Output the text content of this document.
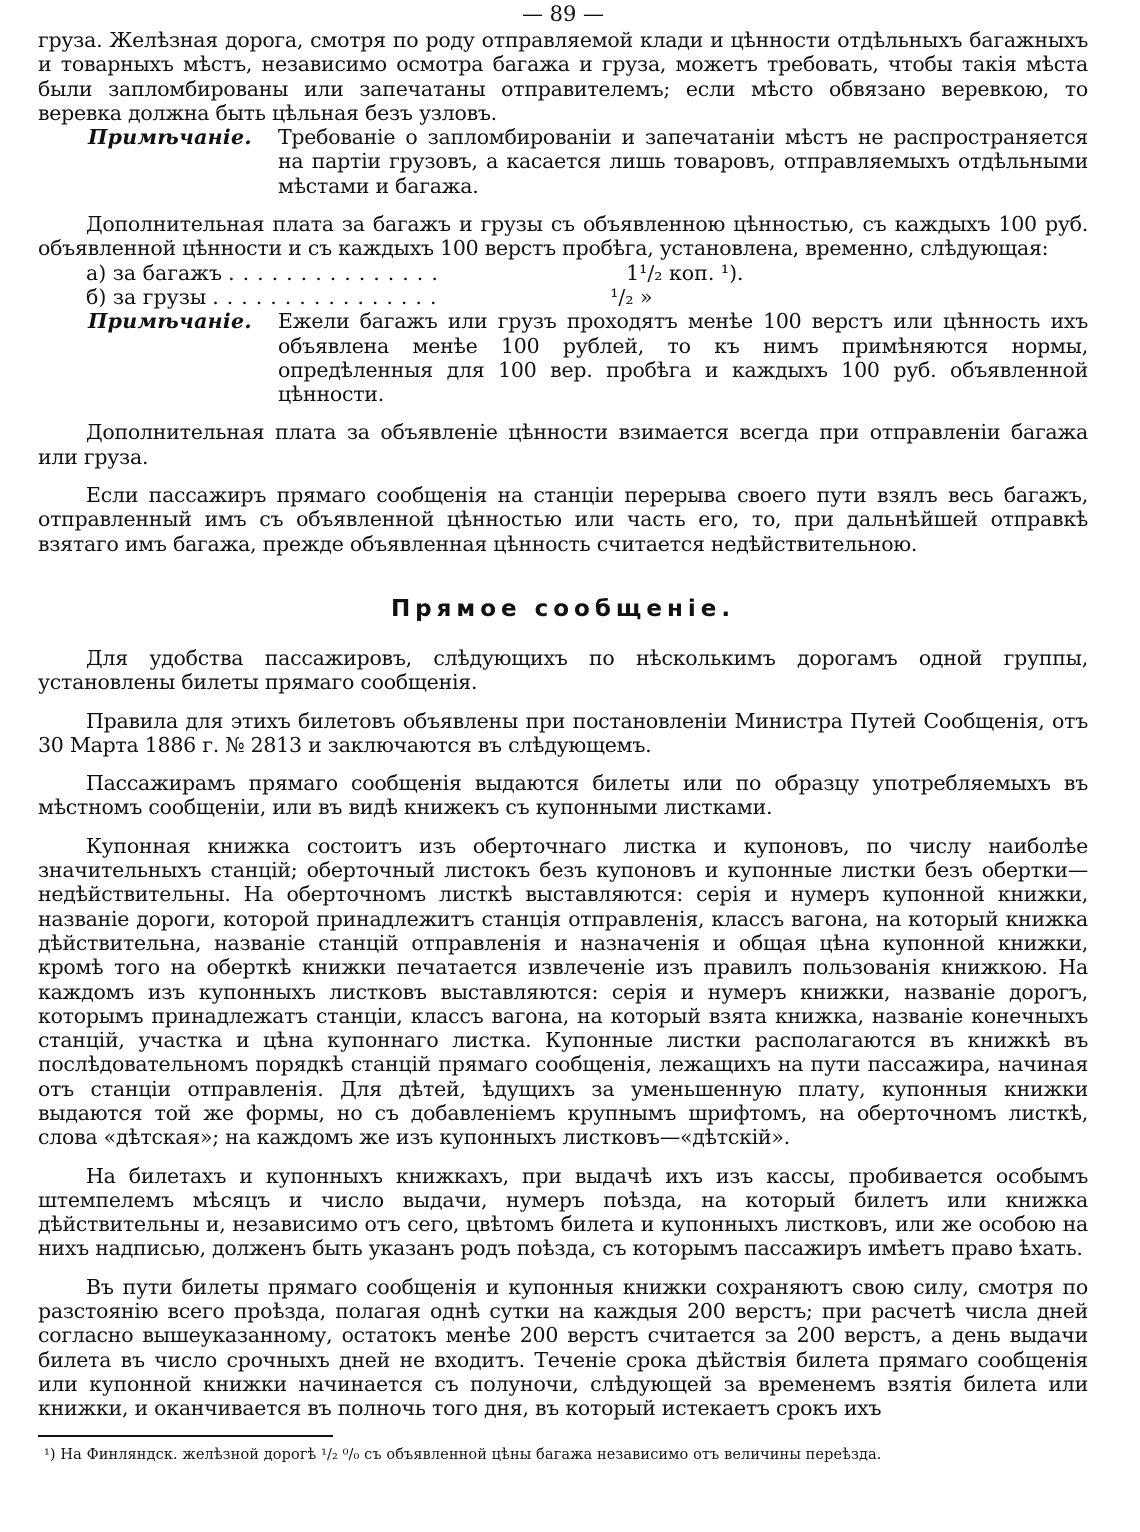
— 89 —

груза. Желѣзная дорога, смотря по роду отправляемой клади и цѣнности отдѣльныхъ багажныхъ и товарныхъ мѣстъ, независимо осмотра багажа и груза, можетъ требовать, чтобы такія мѣста были запломбированы или запечатаны отправителемъ; если мѣсто обвязано веревкою, то веревка должна быть цѣльная безъ узловъ.

Примѣчаніе.	Требованіе о запломбированіи и запечатаніи мѣстъ не распространяется на партіи грузовъ, а касается лишь товаровъ, отправляемыхъ отдѣльными мѣстами и багажа.

Дополнительная плата за багажъ и грузы съ объявленною цѣнностью, съ каждыхъ 100 руб. объявленной цѣнности и съ каждыхъ 100 верстъ пробѣга, установлена, временно, слѣдующая:

а) за багажъ ...............	1¹/₂ коп. ¹).
б) за грузы ................	¹/₂ »
Примѣчаніе.	Ежели багажъ или грузъ проходятъ менѣе 100 верстъ или цѣнность ихъ объявлена менѣе 100 рублей, то къ нимъ примѣняются нормы, опредѣленныя для 100 вер. пробѣга и каждыхъ 100 руб. объявленной цѣнности.

Дополнительная плата за объявленіе цѣнности взимается всегда при отправленіи багажа или груза.

Если пассажиръ прямаго сообщенія на станціи перерыва своего пути взялъ весь багажъ, отправленный имъ съ объявленной цѣнностью или часть его, то, при дальнѣйшей отправкѣ взятаго имъ багажа, прежде объявленная цѣнность считается недѣйствительною.

Прямое сообщеніе.

Для удобства пассажировъ, слѣдующихъ по нѣсколькимъ дорогамъ одной группы, установлены билеты прямаго сообщенія.

Правила для этихъ билетовъ объявлены при постановленіи Министра Путей Сообщенія, отъ 30 Марта 1886 г. № 2813 и заключаются въ слѣдующемъ.

Пассажирамъ прямаго сообщенія выдаются билеты или по образцу употребляемыхъ въ мѣстномъ сообщеніи, или въ видѣ книжекъ съ купонными листками.

Купонная книжка состоитъ изъ оберточнаго листка и купоновъ, по числу наиболѣе значительныхъ станцій; оберточный листокъ безъ купоновъ и купонные листки безъ обертки— недѣйствительны. На оберточномъ листкѣ выставляются: серія и нумеръ купонной книжки, названіе дороги, которой принадлежитъ станція отправленія, классъ вагона, на который книжка дѣйствительна, названіе станцій отправленія и назначенія и общая цѣна купонной книжки, кромѣ того на оберткѣ книжки печатается извлеченіе изъ правилъ пользованія книжкою. На каждомъ изъ купонныхъ листковъ выставляются: серія и нумеръ книжки, названіе дорогъ, которымъ принадлежатъ станціи, классъ вагона, на который взята книжка, названіе конечныхъ станцій, участка и цѣна купоннаго листка. Купонные листки располагаются въ книжкѣ въ послѣдовательномъ порядкѣ станцій прямаго сообщенія, лежащихъ на пути пассажира, начиная отъ станціи отправленія. Для дѣтей, ѣдущихъ за уменьшенную плату, купонныя книжки выдаются той же формы, но съ добавленіемъ крупнымъ шрифтомъ, на оберточномъ листкѣ, слова «дѣтская»; на каждомъ же изъ купонныхъ листковъ—«дѣтскій».

На билетахъ и купонныхъ книжкахъ, при выдачѣ ихъ изъ кассы, пробивается особымъ штемпелемъ мѣсяцъ и число выдачи, нумеръ поѣзда, на который билетъ или книжка дѣйствительны и, независимо отъ сего, цвѣтомъ билета и купонныхъ листковъ, или же особою на нихъ надписью, долженъ быть указанъ родъ поѣзда, съ которымъ пассажиръ имѣетъ право ѣхать.

Въ пути билеты прямаго сообщенія и купонныя книжки сохраняютъ свою силу, смотря по разстоянію всего проѣзда, полагая однѣ сутки на каждыя 200 верстъ; при расчетѣ числа дней согласно вышеуказанному, остатокъ менѣе 200 верстъ считается за 200 верстъ, а день выдачи билета въ число срочныхъ дней не входитъ. Теченіе срока дѣйствія билета прямаго сообщенія или купонной книжки начинается съ полуночи, слѣдующей за временемъ взятія билета или книжки, и оканчивается въ полночь того дня, въ который истекаетъ срокъ ихъ

¹) На Финляндск. желѣзной дорогѣ ¹/₂ ⁰/₀ съ объявленной цѣны багажа независимо отъ величины переѣзда.
